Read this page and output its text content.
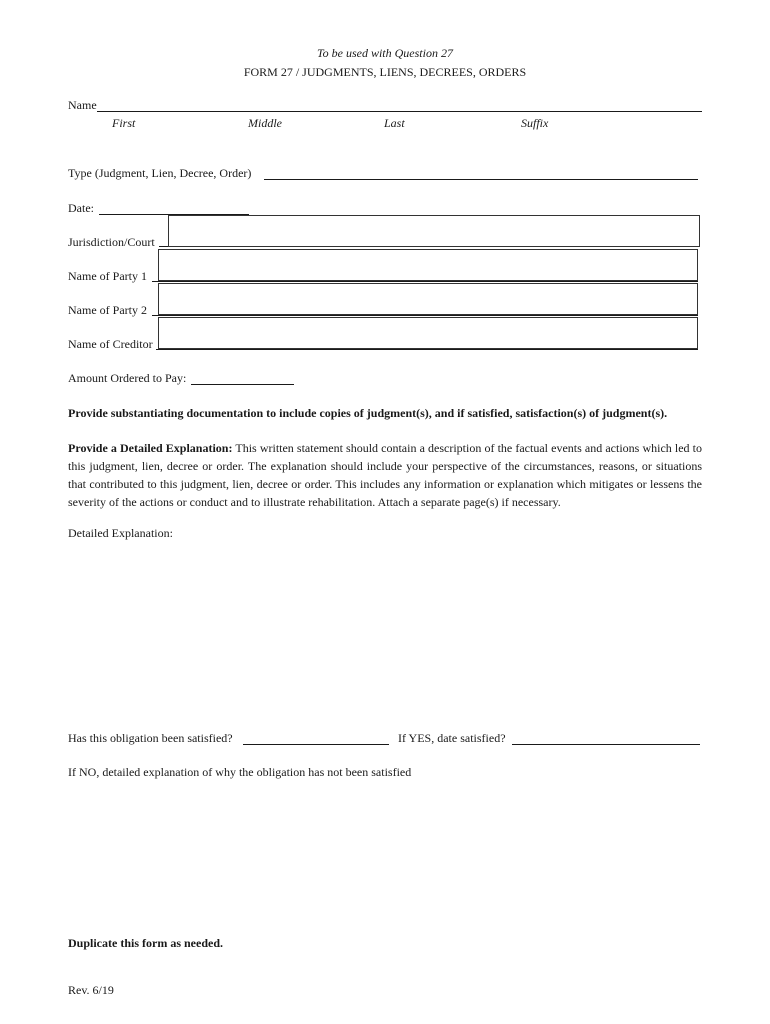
To be used with Question 27
FORM 27 / JUDGMENTS, LIENS, DECREES, ORDERS
Name
First	Middle	Last	Suffix
Type (Judgment, Lien, Decree, Order)
Date:
Jurisdiction/Court
Name of Party 1
Name of Party 2
Name of Creditor
Amount Ordered to Pay:
Provide substantiating documentation to include copies of judgment(s), and if satisfied, satisfaction(s) of judgment(s).
Provide a Detailed Explanation: This written statement should contain a description of the factual events and actions which led to this judgment, lien, decree or order. The explanation should include your perspective of the circumstances, reasons, or situations that contributed to this judgment, lien, decree or order. This includes any information or explanation which mitigates or lessens the severity of the actions or conduct and to illustrate rehabilitation. Attach a separate page(s) if necessary.
Detailed Explanation:
Has this obligation been satisfied?	If YES, date satisfied?
If NO, detailed explanation of why the obligation has not been satisfied
Duplicate this form as needed.
Rev. 6/19
